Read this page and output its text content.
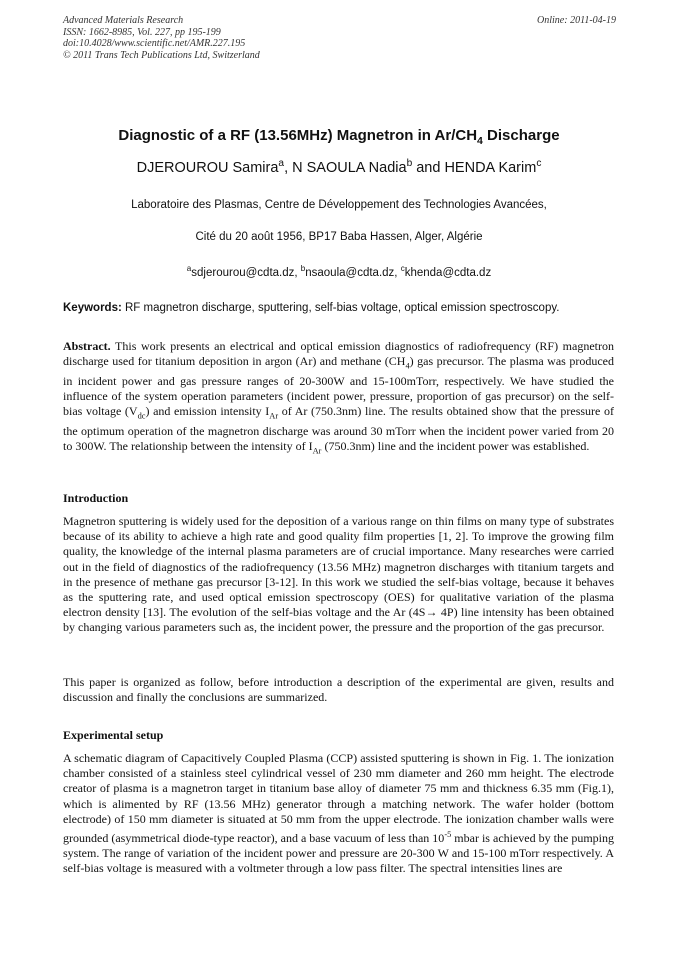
Advanced Materials Research
ISSN: 1662-8985, Vol. 227, pp 195-199
doi:10.4028/www.scientific.net/AMR.227.195
© 2011 Trans Tech Publications Ltd, Switzerland
Online: 2011-04-19
Diagnostic of a RF (13.56MHz) Magnetron in $Ar/CH_4$ Discharge
DJEROUROU Samira$^a$, N SAOULA Nadia$^b$ and HENDA Karim$^c$
Laboratoire des Plasmas, Centre de Développement des Technologies Avancées,
Cité du 20 août 1956, BP17 Baba Hassen, Alger, Algérie
$^a$sdjerourou@cdta.dz, $^b$nsaoula@cdta.dz, $^c$khenda@cdta.dz
Keywords: RF magnetron discharge, sputtering, self-bias voltage, optical emission spectroscopy.
Abstract. This work presents an electrical and optical emission diagnostics of radiofrequency (RF) magnetron discharge used for titanium deposition in argon (Ar) and methane $(CH_4)$ gas precursor. The plasma was produced in incident power and gas pressure ranges of 20-300W and 15-100mTorr, respectively. We have studied the influence of the system operation parameters (incident power, pressure, proportion of gas precursor) on the self- bias voltage $(V_{dc})$ and emission intensity $I_{Ar}$ of Ar (750.3nm) line. The results obtained show that the pressure of the optimum operation of the magnetron discharge was around 30 mTorr when the incident power varied from 20 to 300W. The relationship between the intensity of $I_{Ar}$ (750.3nm) line and the incident power was established.
Introduction
Magnetron sputtering is widely used for the deposition of a various range on thin films on many type of substrates because of its ability to achieve a high rate and good quality film properties [1, 2]. To improve the growing film quality, the knowledge of the internal plasma parameters are of crucial importance. Many researches were carried out in the field of diagnostics of the radiofrequency (13.56 MHz) magnetron discharges with titanium targets and in the presence of methane gas precursor [3-12]. In this work we studied the self-bias voltage, because it behaves as the sputtering rate, and used optical emission spectroscopy (OES) for qualitative variation of the plasma electron density [13]. The evolution of the self-bias voltage and the Ar (4S→ 4P) line intensity has been obtained by changing various parameters such as, the incident power, the pressure and the proportion of the gas precursor.
This paper is organized as follow, before introduction a description of the experimental are given, results and discussion and finally the conclusions are summarized.
Experimental setup
A schematic diagram of Capacitively Coupled Plasma (CCP) assisted sputtering is shown in Fig. 1. The ionization chamber consisted of a stainless steel cylindrical vessel of 230 mm diameter and 260 mm height. The electrode creator of plasma is a magnetron target in titanium base alloy of diameter 75 mm and thickness 6.35 mm (Fig.1), which is alimented by RF (13.56 MHz) generator through a matching network. The wafer holder (bottom electrode) of 150 mm diameter is situated at 50 mm from the upper electrode. The ionization chamber walls were grounded (asymmetrical diode-type reactor), and a base vacuum of less than $10^{-5}$ mbar is achieved by the pumping system. The range of variation of the incident power and pressure are 20-300 W and 15-100 mTorr respectively. A self-bias voltage is measured with a voltmeter through a low pass filter. The spectral intensities lines are
